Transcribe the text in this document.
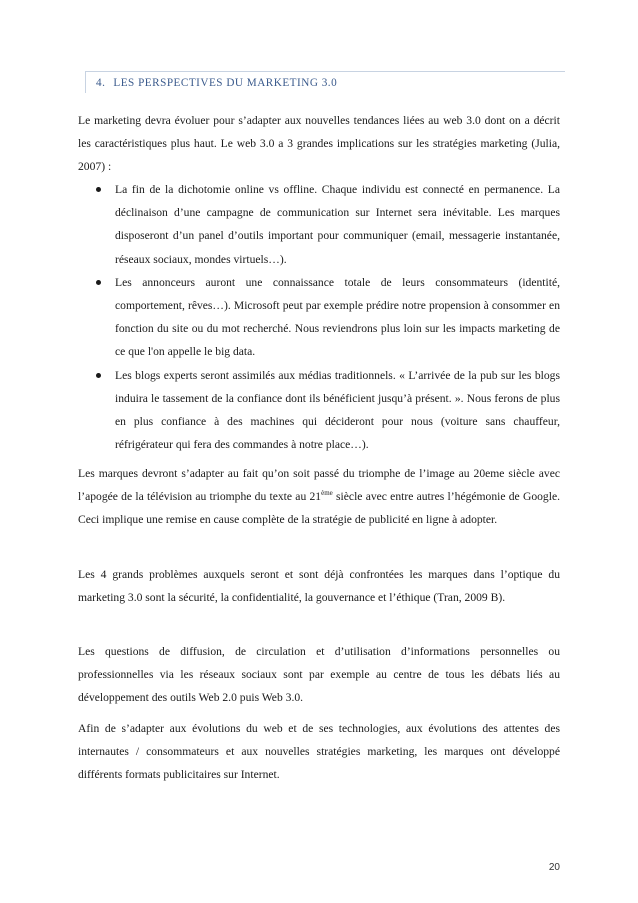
4. LES PERSPECTIVES DU MARKETING 3.0

Le marketing devra évoluer pour s’adapter aux nouvelles tendances liées au web 3.0 dont on a décrit les caractéristiques plus haut. Le web 3.0 a 3 grandes implications sur les stratégies marketing (Julia, 2007) :

La fin de la dichotomie online vs offline. Chaque individu est connecté en permanence. La déclinaison d’une campagne de communication sur Internet sera inévitable. Les marques disposeront d’un panel d’outils important pour communiquer (email, messagerie instantanée, réseaux sociaux, mondes virtuels…).
Les annonceurs auront une connaissance totale de leurs consommateurs (identité, comportement, rêves…). Microsoft peut par exemple prédire notre propension à consommer en fonction du site ou du mot recherché. Nous reviendrons plus loin sur les impacts marketing de ce que l'on appelle le big data.
Les blogs experts seront assimilés aux médias traditionnels. « L’arrivée de la pub sur les blogs induira le tassement de la confiance dont ils bénéficient jusqu’à présent. ». Nous ferons de plus en plus confiance à des machines qui décideront pour nous (voiture sans chauffeur, réfrigérateur qui fera des commandes à notre place…).

Les marques devront s’adapter au fait qu’on soit passé du triomphe de l’image au 20eme siècle avec l’apogée de la télévision au triomphe du texte au 21ème siècle avec entre autres l’hégémonie de Google. Ceci implique une remise en cause complète de la stratégie de publicité en ligne à adopter.

Les 4 grands problèmes auxquels seront et sont déjà confrontées les marques dans l’optique du marketing 3.0 sont la sécurité, la confidentialité, la gouvernance et l’éthique (Tran, 2009 B).

Les questions de diffusion, de circulation et d’utilisation d’informations personnelles ou professionnelles via les réseaux sociaux sont par exemple au centre de tous les débats liés au développement des outils Web 2.0 puis Web 3.0.

Afin de s’adapter aux évolutions du web et de ses technologies, aux évolutions des attentes des internautes / consommateurs et aux nouvelles stratégies marketing, les marques ont développé différents formats publicitaires sur Internet.

20
